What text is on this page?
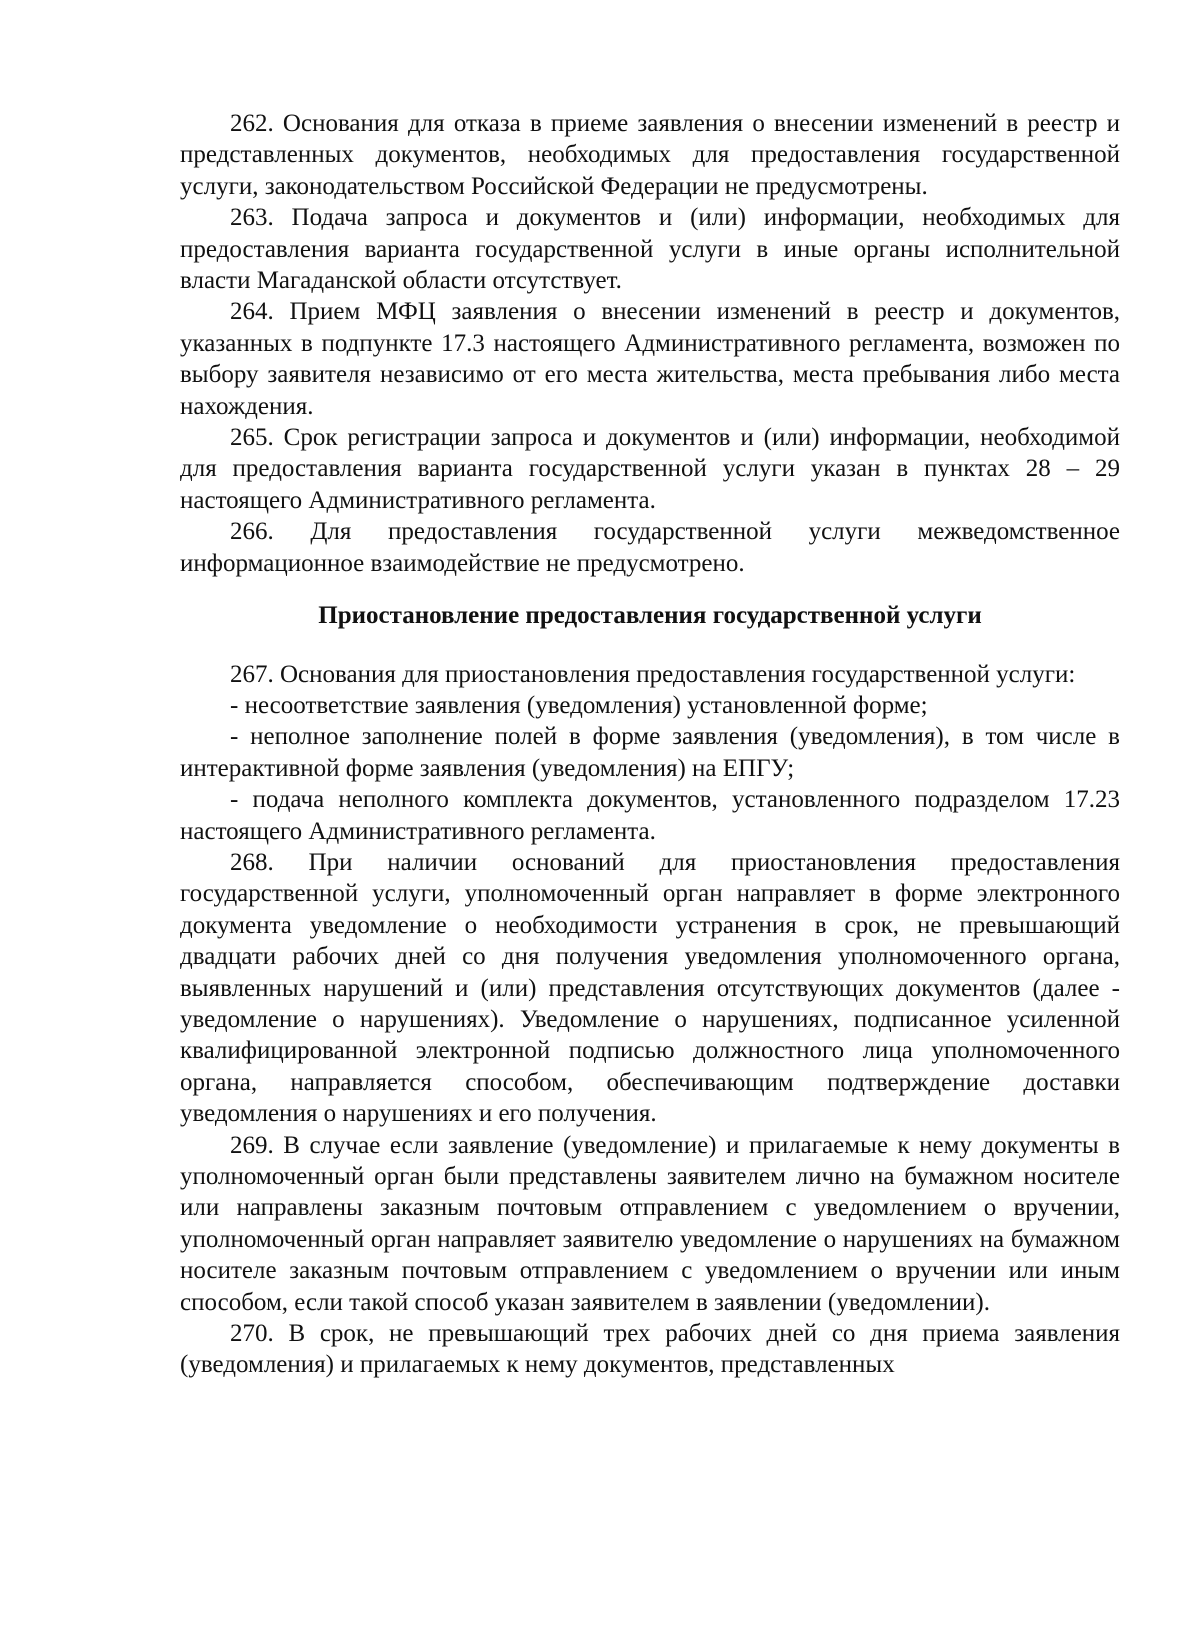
262. Основания для отказа в приеме заявления о внесении изменений в реестр и представленных документов, необходимых для предоставления государственной услуги, законодательством Российской Федерации не предусмотрены.

263. Подача запроса и документов и (или) информации, необходимых для предоставления варианта государственной услуги в иные органы исполнительной власти Магаданской области отсутствует.

264. Прием МФЦ заявления о внесении изменений в реестр и документов, указанных в подпункте 17.3 настоящего Административного регламента, возможен по выбору заявителя независимо от его места жительства, места пребывания либо места нахождения.

265. Срок регистрации запроса и документов и (или) информации, необходимой для предоставления варианта государственной услуги указан в пунктах 28 – 29 настоящего Административного регламента.

266. Для предоставления государственной услуги межведомственное информационное взаимодействие не предусмотрено.

Приостановление предоставления государственной услуги

267. Основания для приостановления предоставления государственной услуги:

- несоответствие заявления (уведомления) установленной форме;

- неполное заполнение полей в форме заявления (уведомления), в том числе в интерактивной форме заявления (уведомления) на ЕПГУ;

- подача неполного комплекта документов, установленного подразделом 17.23 настоящего Административного регламента.

268. При наличии оснований для приостановления предоставления государственной услуги, уполномоченный орган направляет в форме электронного документа уведомление о необходимости устранения в срок, не превышающий двадцати рабочих дней со дня получения уведомления уполномоченного органа, выявленных нарушений и (или) представления отсутствующих документов (далее - уведомление о нарушениях). Уведомление о нарушениях, подписанное усиленной квалифицированной электронной подписью должностного лица уполномоченного органа, направляется способом, обеспечивающим подтверждение доставки уведомления о нарушениях и его получения.

269. В случае если заявление (уведомление) и прилагаемые к нему документы в уполномоченный орган были представлены заявителем лично на бумажном носителе или направлены заказным почтовым отправлением с уведомлением о вручении, уполномоченный орган направляет заявителю уведомление о нарушениях на бумажном носителе заказным почтовым отправлением с уведомлением о вручении или иным способом, если такой способ указан заявителем в заявлении (уведомлении).

270. В срок, не превышающий трех рабочих дней со дня приема заявления (уведомления) и прилагаемых к нему документов, представленных
